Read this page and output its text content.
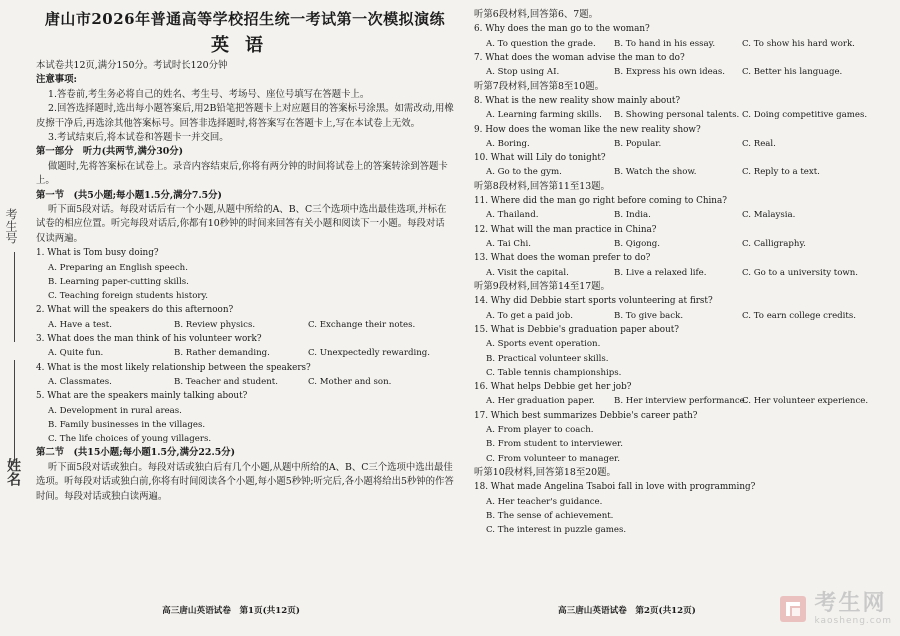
考生号
姓名
唐山市2026年普通高等学校招生统一考试第一次模拟演练
英语

本试卷共12页,满分150分。考试时长120分钟

注意事项:

1.答卷前,考生务必将自己的姓名、考生号、考场号、座位号填写在答题卡上。

2.回答选择题时,选出每小题答案后,用2B铅笔把答题卡上对应题目的答案标号涂黑。如需改动,用橡皮擦干净后,再选涂其他答案标号。回答非选择题时,将答案写在答题卡上,写在本试卷上无效。

3.考试结束后,将本试卷和答题卡一并交回。

第一部分　听力(共两节,满分30分)

做题时,先将答案标在试卷上。录音内容结束后,你将有两分钟的时间将试卷上的答案转涂到答题卡上。

第一节　(共5小题;每小题1.5分,满分7.5分)

听下面5段对话。每段对话后有一个小题,从题中所给的A、B、C三个选项中选出最佳选项,并标在试卷的相应位置。听完每段对话后,你都有10秒钟的时间来回答有关小题和阅读下一小题。每段对话仅读两遍。

1. What is Tom busy doing?

A. Preparing an English speech.

B. Learning paper-cutting skills.

C. Teaching foreign students history.

2. What will the speakers do this afternoon?

A. Have a test.	B. Review physics.	C. Exchange their notes.

3. What does the man think of his volunteer work?

A. Quite fun.	B. Rather demanding.	C. Unexpectedly rewarding.

4. What is the most likely relationship between the speakers?

A. Classmates.	B. Teacher and student.	C. Mother and son.

5. What are the speakers mainly talking about?

A. Development in rural areas.

B. Family businesses in the villages.

C. The life choices of young villagers.

第二节　(共15小题;每小题1.5分,满分22.5分)

听下面5段对话或独白。每段对话或独白后有几个小题,从题中所给的A、B、C三个选项中选出最佳选项。听每段对话或独白前,你将有时间阅读各个小题,每小题5秒钟;听完后,各小题将给出5秒钟的作答时间。每段对话或独白读两遍。

高三唐山英语试卷　第1页(共12页)

听第6段材料,回答第6、7题。

6. Why does the man go to the woman?

A. To question the grade.	B. To hand in his essay.	C. To show his hard work.

7. What does the woman advise the man to do?

A. Stop using AI.	B. Express his own ideas.	C. Better his language.

听第7段材料,回答第8至10题。

8. What is the new reality show mainly about?

A. Learning farming skills.	B. Showing personal talents. C. Doing competitive games.

9. How does the woman like the new reality show?

A. Boring.	B. Popular.	C. Real.

10. What will Lily do tonight?

A. Go to the gym.	B. Watch the show.	C. Reply to a text.

听第8段材料,回答第11至13题。

11. Where did the man go right before coming to China?

A. Thailand.	B. India.	C. Malaysia.

12. What will the man practice in China?

A. Tai Chi.	B. Qigong.	C. Calligraphy.

13. What does the woman prefer to do?

A. Visit the capital.	B. Live a relaxed life.	C. Go to a university town.

听第9段材料,回答第14至17题。

14. Why did Debbie start sports volunteering at first?

A. To get a paid job.	B. To give back.	C. To earn college credits.

15. What is Debbie's graduation paper about?

A. Sports event operation.

B. Practical volunteer skills.

C. Table tennis championships.

16. What helps Debbie get her job?

A. Her graduation paper.	B. Her interview performance.
C. Her volunteer experience.

17. Which best summarizes Debbie's career path?

A. From player to coach.

B. From student to interviewer.

C. From volunteer to manager.

听第10段材料,回答第18至20题。

18. What made Angelina Tsaboi fall in love with programming?

A. Her teacher's guidance.

B. The sense of achievement.

C. The interest in puzzle games.

高三唐山英语试卷　第2页(共12页)	考生网
kaosheng.com
